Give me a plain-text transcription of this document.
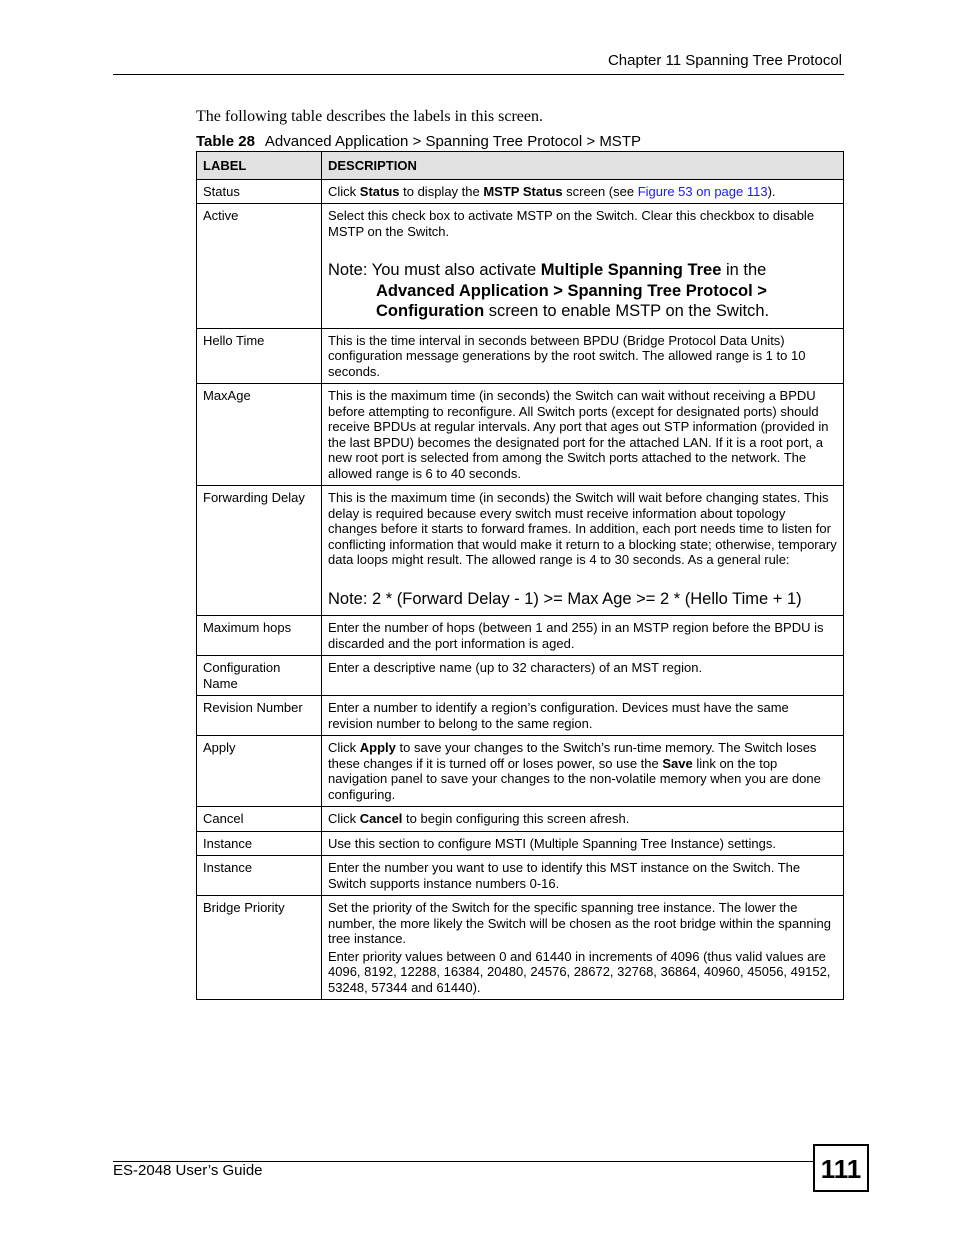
Chapter 11 Spanning Tree Protocol
The following table describes the labels in this screen.
Table 28 Advanced Application > Spanning Tree Protocol > MSTP
LABEL	DESCRIPTION
Status	Click Status to display the MSTP Status screen (see Figure 53 on page 113).
Active	Select this check box to activate MSTP on the Switch. Clear this checkbox to disable MSTP on the Switch.
Note: You must also activate Multiple Spanning Tree in the
Advanced Application > Spanning Tree Protocol >
Configuration screen to enable MSTP on the Switch.

Hello Time	This is the time interval in seconds between BPDU (Bridge Protocol Data Units) configuration message generations by the root switch. The allowed range is 1 to 10 seconds.
MaxAge	This is the maximum time (in seconds) the Switch can wait without receiving a BPDU before attempting to reconfigure. All Switch ports (except for designated ports) should receive BPDUs at regular intervals. Any port that ages out STP information (provided in the last BPDU) becomes the designated port for the attached LAN. If it is a root port, a new root port is selected from among the Switch ports attached to the network. The allowed range is 6 to 40 seconds.
Forwarding Delay	This is the maximum time (in seconds) the Switch will wait before changing states. This delay is required because every switch must receive information about topology changes before it starts to forward frames. In addition, each port needs time to listen for conflicting information that would make it return to a blocking state; otherwise, temporary data loops might result. The allowed range is 4 to 30 seconds. As a general rule:
Note: 2 * (Forward Delay - 1) >= Max Age >= 2 * (Hello Time + 1)

Maximum hops	Enter the number of hops (between 1 and 255) in an MSTP region before the BPDU is discarded and the port information is aged.
Configuration Name	Enter a descriptive name (up to 32 characters) of an MST region.
Revision Number	Enter a number to identify a region’s configuration. Devices must have the same revision number to belong to the same region.
Apply	Click Apply to save your changes to the Switch’s run-time memory. The Switch loses these changes if it is turned off or loses power, so use the Save link on the top navigation panel to save your changes to the non-volatile memory when you are done configuring.
Cancel	Click Cancel to begin configuring this screen afresh.
Instance	Use this section to configure MSTI (Multiple Spanning Tree Instance) settings.
Instance	Enter the number you want to use to identify this MST instance on the Switch. The Switch supports instance numbers 0-16.
Bridge Priority	Set the priority of the Switch for the specific spanning tree instance. The lower the number, the more likely the Switch will be chosen as the root bridge within the spanning tree instance.
Enter priority values between 0 and 61440 in increments of 4096 (thus valid values are 4096, 8192, 12288, 16384, 20480, 24576, 28672, 32768, 36864, 40960, 45056, 49152, 53248, 57344 and 61440).
ES-2048 User’s Guide	111
